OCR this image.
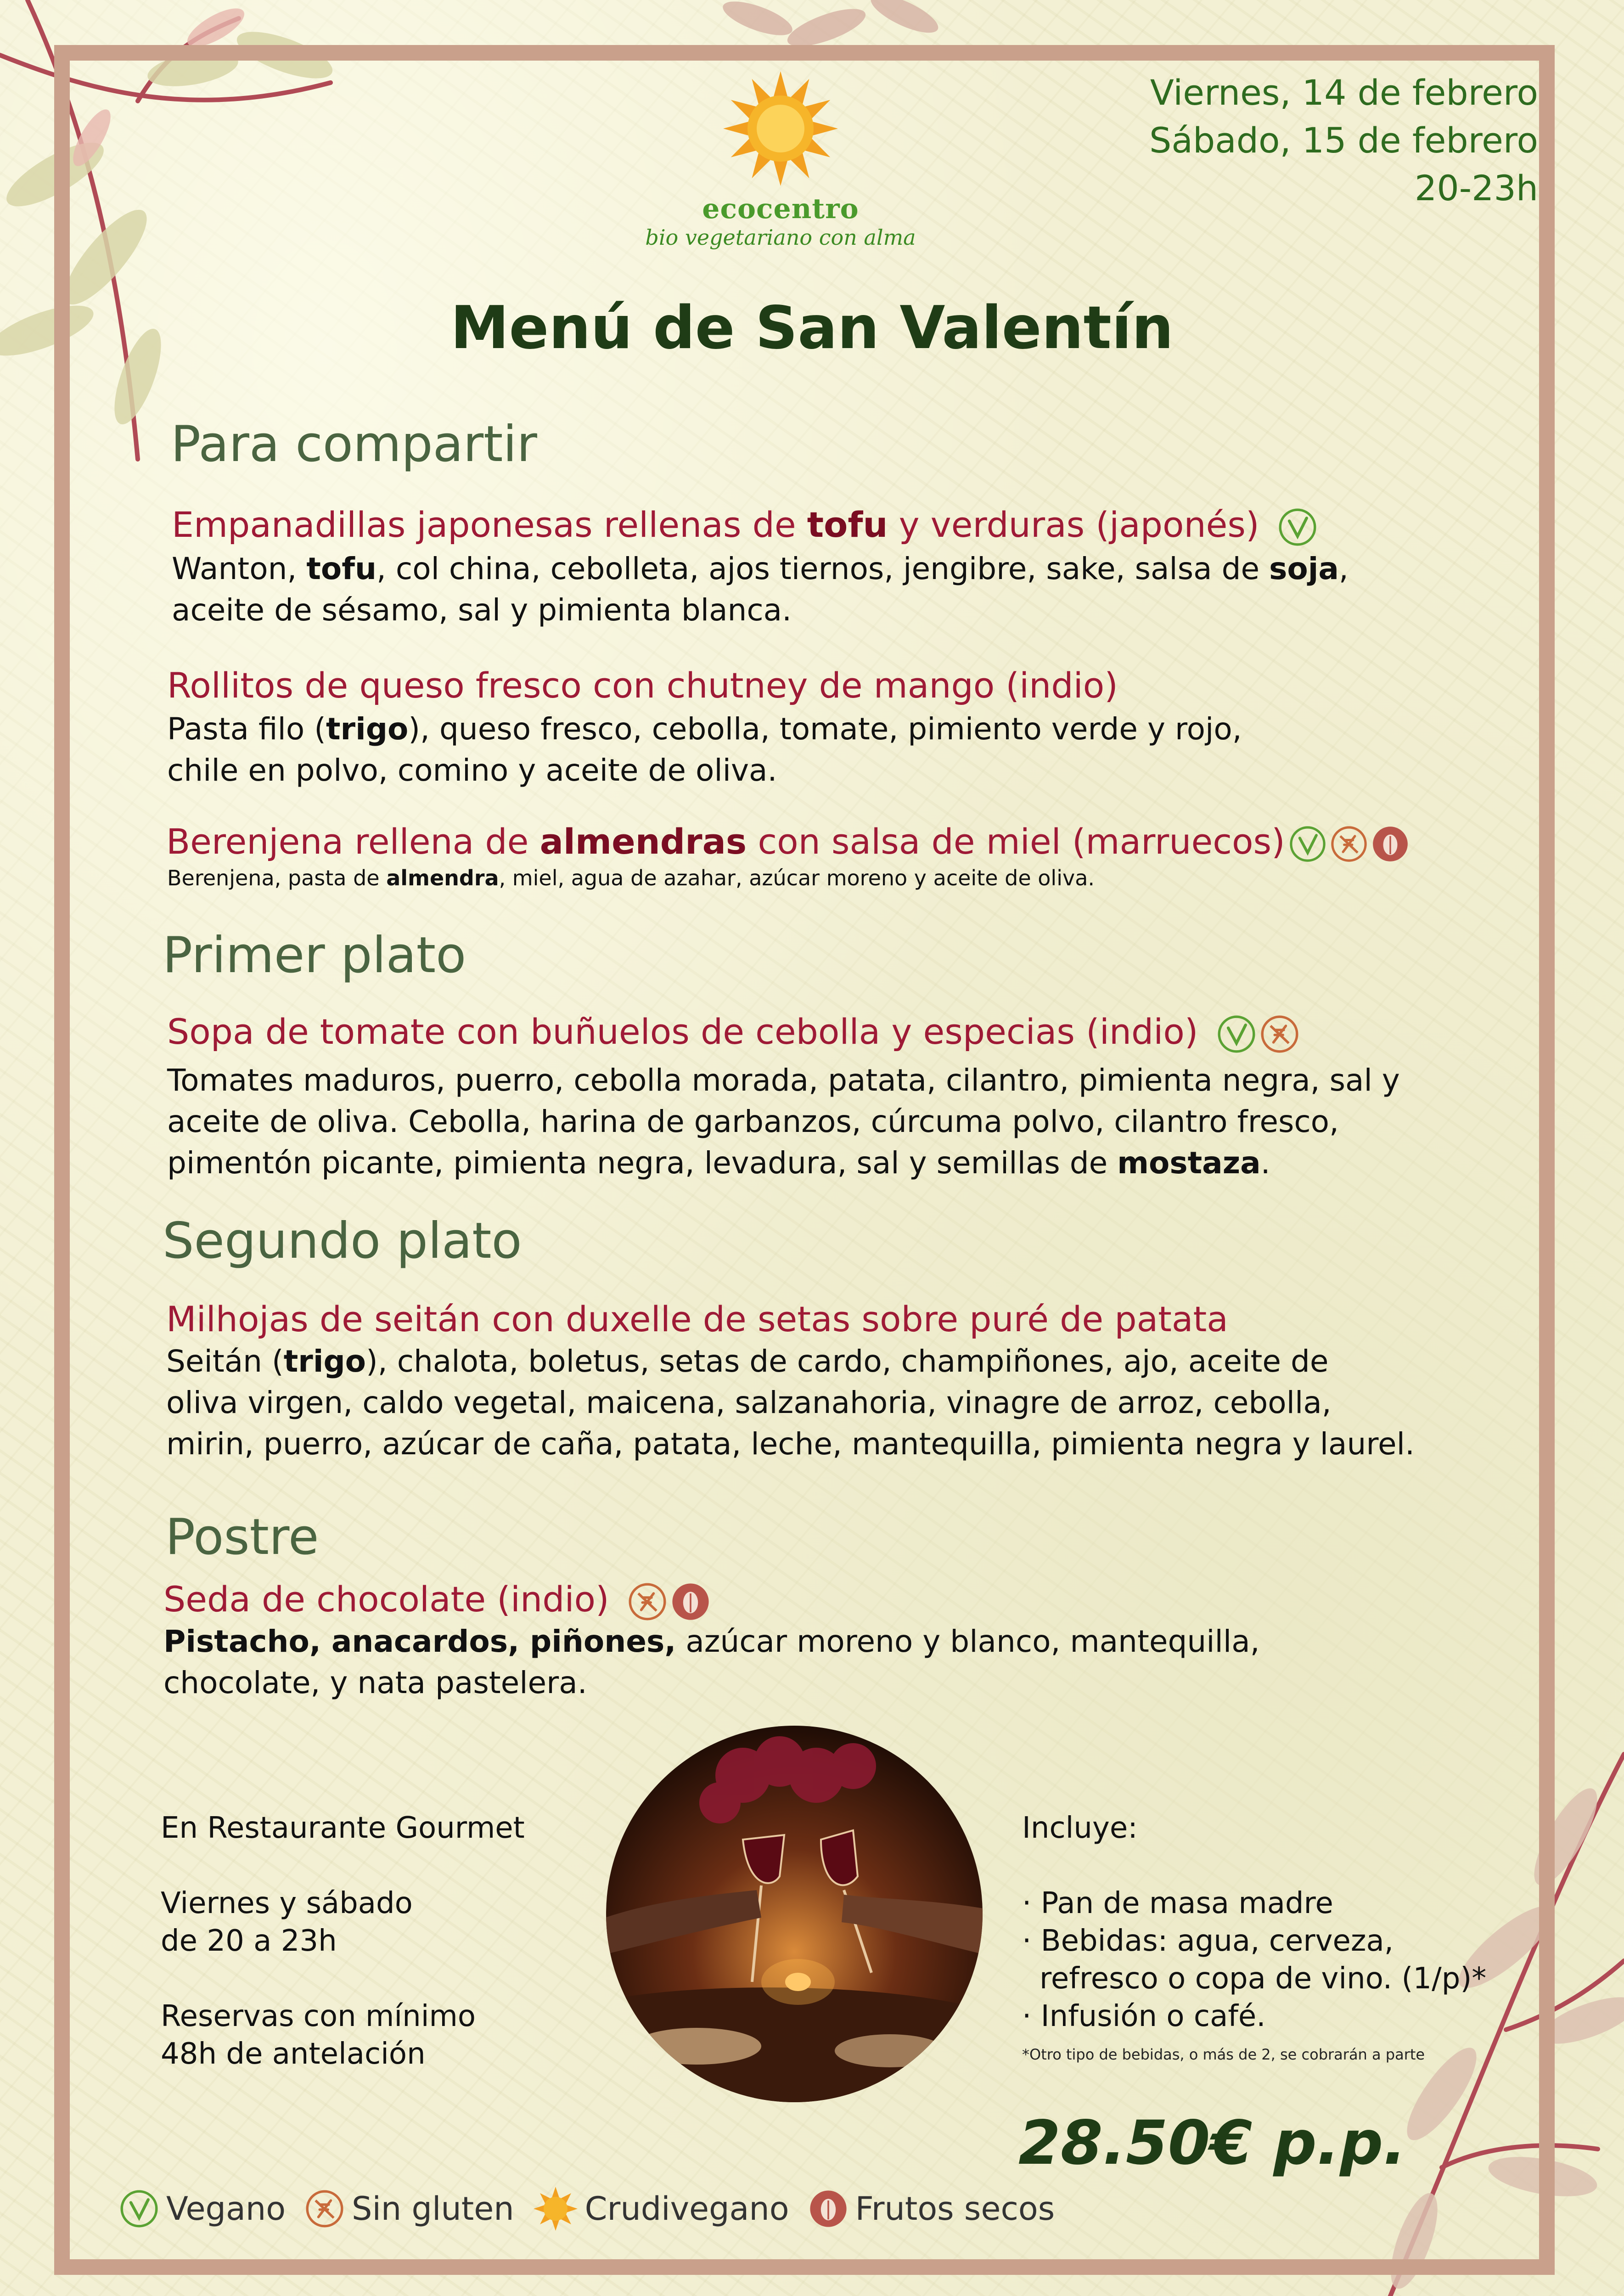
Viernes, 14 de febrero
Sábado, 15 de febrero
20-23h
ecocentro
bio vegetariano con alma
Menú de San Valentín
Para compartir
Empanadillas japonesas rellenas de tofu y verduras (japonés)
Wanton, tofu, col china, cebolleta, ajos tiernos, jengibre, sake, salsa de soja,
aceite de sésamo, sal y pimienta blanca.
Rollitos de queso fresco con chutney de mango (indio)
Pasta filo (trigo), queso fresco, cebolla, tomate, pimiento verde y rojo,
chile en polvo, comino y aceite de oliva.
Berenjena rellena de almendras con salsa de miel (marruecos)
Berenjena, pasta de almendra, miel, agua de azahar, azúcar moreno y aceite de oliva.
Primer plato
Sopa de tomate con buñuelos de cebolla y especias (indio)
Tomates maduros, puerro, cebolla morada, patata, cilantro, pimienta negra, sal y
aceite de oliva. Cebolla, harina de garbanzos, cúrcuma polvo, cilantro fresco,
pimentón picante, pimienta negra, levadura, sal y semillas de mostaza.
Segundo plato
Milhojas de seitán con duxelle de setas sobre puré de patata
Seitán (trigo), chalota, boletus, setas de cardo, champiñones, ajo, aceite de
oliva virgen, caldo vegetal, maicena, salzanahoria, vinagre de arroz, cebolla,
mirin, puerro, azúcar de caña, patata, leche, mantequilla, pimienta negra y laurel.
Postre
Seda de chocolate (indio)
Pistacho, anacardos, piñones, azúcar moreno y blanco, mantequilla,
chocolate, y nata pastelera.
En Restaurante Gourmet
Viernes y sábado
de 20 a 23h
Reservas con mínimo
48h de antelación
Incluye:
· Pan de masa madre
· Bebidas: agua, cerveza,
refresco o copa de vino. (1/p)*
· Infusión o café.
*Otro tipo de bebidas, o más de 2, se cobrarán a parte
28.50€ p.p.
Vegano Sin gluten Crudivegano Frutos secos
